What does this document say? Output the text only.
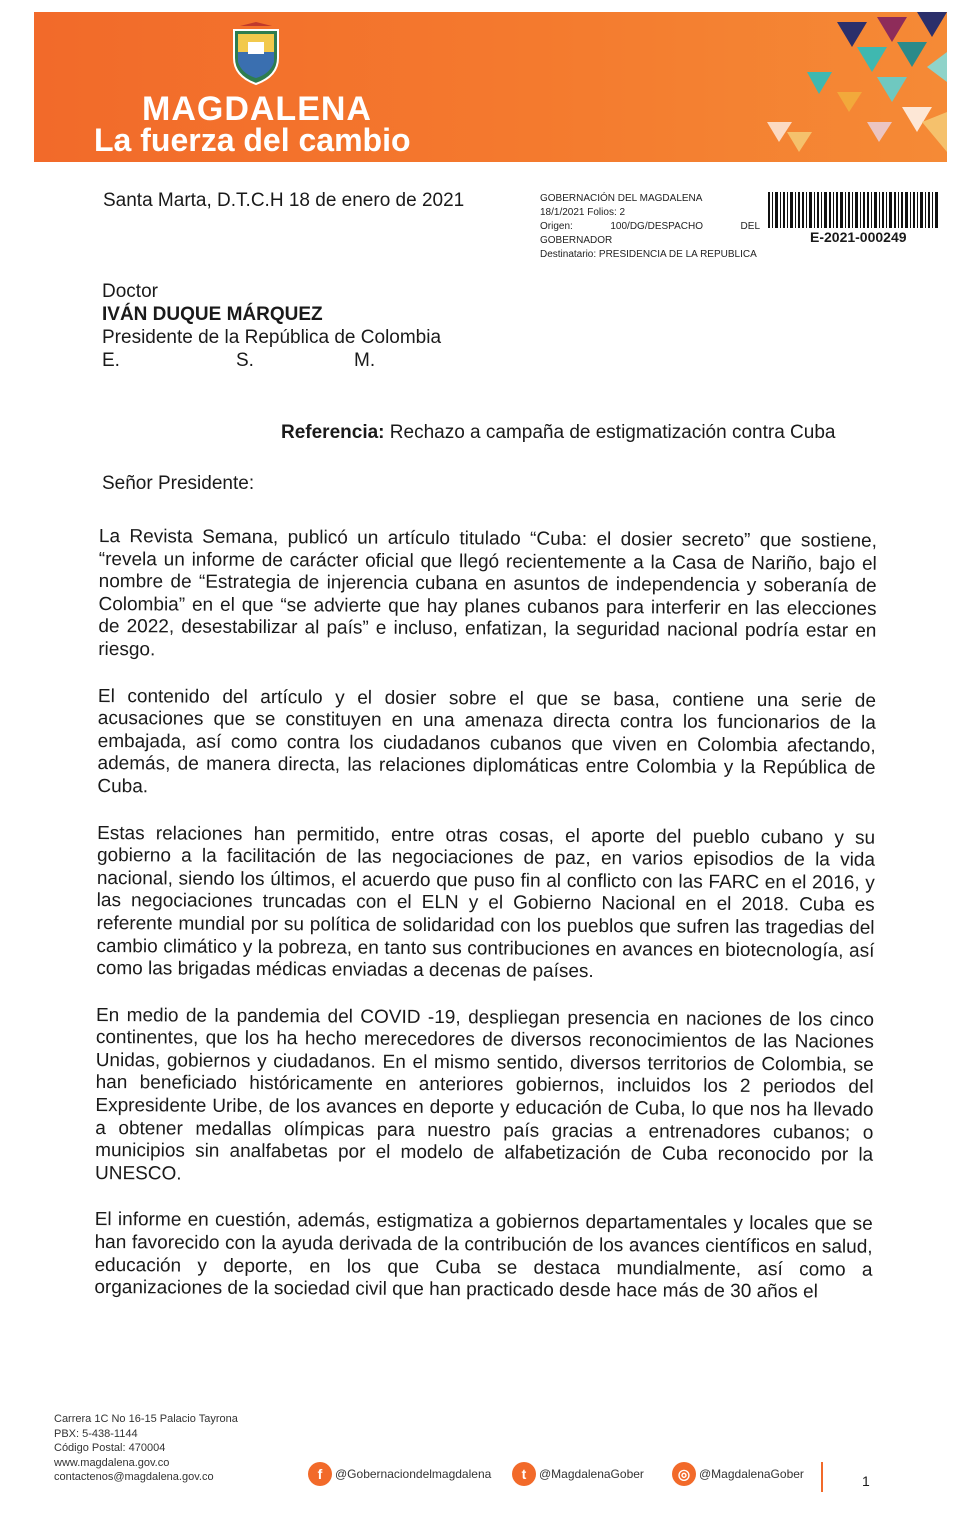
MAGDALENA
La fuerza del cambio
Santa Marta, D.T.C.H 18 de enero de 2021	GOBERNACIÓN DEL MAGDALENA
18/1/2021 Folios: 2
Origen:	100/DG/DESPACHO	DEL
GOBERNADOR
Destinatario: PRESIDENCIA DE LA REPUBLICA
E-2021-000249
Doctor
IVÁN DUQUE MÁRQUEZ
Presidente de la República de Colombia
E.	S.	M.
Referencia: Rechazo a campaña de estigmatización contra Cuba
Señor Presidente:

La Revista Semana, publicó un artículo titulado “Cuba: el dosier secreto” que sostiene, “revela un informe de carácter oficial que llegó recientemente a la Casa de Nariño, bajo el nombre de “Estrategia de injerencia cubana en asuntos de independencia y soberanía de Colombia” en el que “se advierte que hay planes cubanos para interferir en las elecciones de 2022, desestabilizar al país” e incluso, enfatizan, la seguridad nacional podría estar en riesgo.

El contenido del artículo y el dosier sobre el que se basa, contiene una serie de acusaciones que se constituyen en una amenaza directa contra los funcionarios de la embajada, así como contra los ciudadanos cubanos que viven en Colombia afectando, además, de manera directa, las relaciones diplomáticas entre Colombia y la República de Cuba.

Estas relaciones han permitido, entre otras cosas, el aporte del pueblo cubano y su gobierno a la facilitación de las negociaciones de paz, en varios episodios de la vida nacional, siendo los últimos, el acuerdo que puso fin al conflicto con las FARC en el 2016, y las negociaciones truncadas con el ELN y el Gobierno Nacional en el 2018. Cuba es referente mundial por su política de solidaridad con los pueblos que sufren las tragedias del cambio climático y la pobreza, en tanto sus contribuciones en avances en biotecnología, así como las brigadas médicas enviadas a decenas de países.

En medio de la pandemia del COVID -19, despliegan presencia en naciones de los cinco continentes, que los ha hecho merecedores de diversos reconocimientos de las Naciones Unidas, gobiernos y ciudadanos. En el mismo sentido, diversos territorios de Colombia, se han beneficiado históricamente en anteriores gobiernos, incluidos los 2 periodos del Expresidente Uribe, de los avances en deporte y educación de Cuba, lo que nos ha llevado a obtener medallas olímpicas para nuestro país gracias a entrenadores cubanos; o municipios sin analfabetas por el modelo de alfabetización de Cuba reconocido por la UNESCO.

El informe en cuestión, además, estigmatiza a gobiernos departamentales y locales que se han favorecido con la ayuda derivada de la contribución de los avances científicos en salud, educación y deporte, en los que Cuba se destaca mundialmente, así como a organizaciones de la sociedad civil que han practicado desde hace más de 30 años el

Carrera 1C No 16-15 Palacio Tayrona
PBX: 5-438-1144
Código Postal: 470004
www.magdalena.gov.co
contactenos@magdalena.gov.co	f	@Gobernaciondelmagdalena	t	@MagdalenaGober	◎ @MagdalenaGober	1
